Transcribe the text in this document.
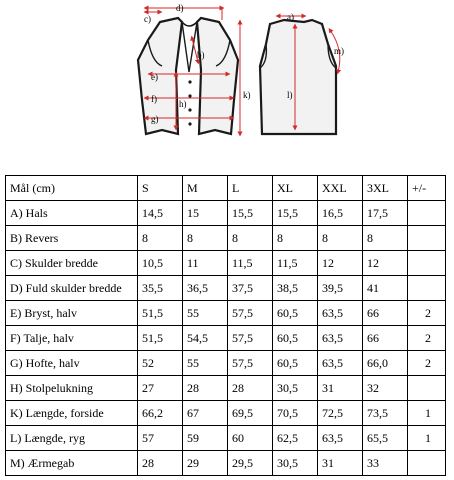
c)
d)
b)
e)
f) h)
g)
k)
a)
m)
l)
Mål (cm)	S	M	L	XL	XXL	3XL	+/-
A) Hals	14,5	15	15,5	15,5	16,5	17,5	
B) Revers	8	8	8	8	8	8	
C) Skulder bredde	10,5	11	11,5	11,5	12	12	
D) Fuld skulder bredde	35,5	36,5	37,5	38,5	39,5	41	
E) Bryst, halv	51,5	55	57,5	60,5	63,5	66	2
F) Talje, halv	51,5	54,5	57,5	60,5	63,5	66	2
G) Hofte, halv	52	55	57,5	60,5	63,5	66,0	2
H) Stolpelukning	27	28	28	30,5	31	32	
K) Længde, forside	66,2	67	69,5	70,5	72,5	73,5	1
L) Længde, ryg	57	59	60	62,5	63,5	65,5	1
M) Ærmegab	28	29	29,5	30,5	31	33	
